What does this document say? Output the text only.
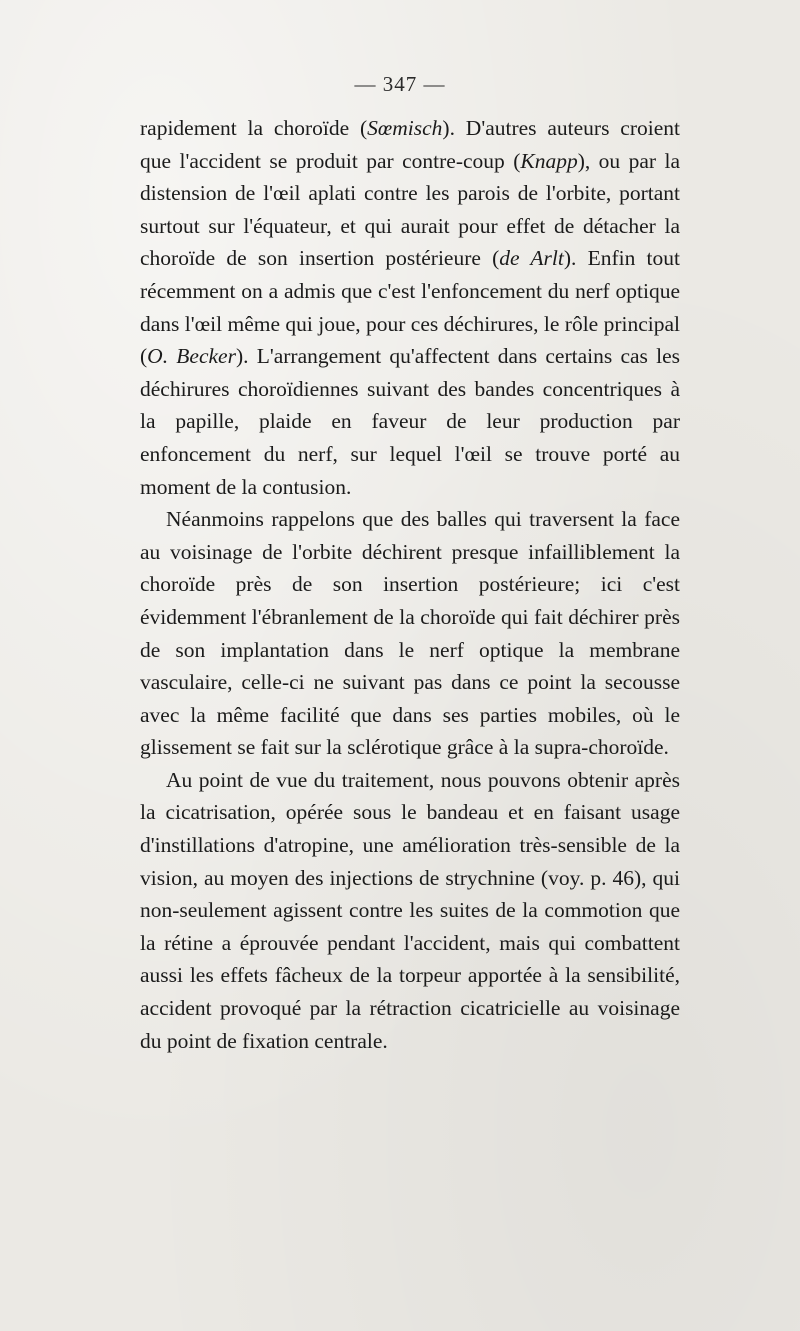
— 347 —

rapidement la choroïde (Sœmisch). D'autres auteurs croient que l'accident se produit par contre-coup (Knapp), ou par la distension de l'œil aplati contre les parois de l'orbite, portant surtout sur l'équateur, et qui aurait pour effet de détacher la choroïde de son insertion postérieure (de Arlt). Enfin tout récemment on a admis que c'est l'enfoncement du nerf optique dans l'œil même qui joue, pour ces déchirures, le rôle principal (O. Becker). L'arrangement qu'affectent dans certains cas les déchirures choroïdiennes suivant des bandes concentriques à la papille, plaide en faveur de leur production par enfoncement du nerf, sur lequel l'œil se trouve porté au moment de la contusion.

Néanmoins rappelons que des balles qui traversent la face au voisinage de l'orbite déchirent presque infailliblement la choroïde près de son insertion postérieure; ici c'est évidemment l'ébranlement de la choroïde qui fait déchirer près de son implantation dans le nerf optique la membrane vasculaire, celle-ci ne suivant pas dans ce point la secousse avec la même facilité que dans ses parties mobiles, où le glissement se fait sur la sclérotique grâce à la supra-choroïde.

Au point de vue du traitement, nous pouvons obtenir après la cicatrisation, opérée sous le bandeau et en faisant usage d'instillations d'atropine, une amélioration très-sensible de la vision, au moyen des injections de strychnine (voy. p. 46), qui non-seulement agissent contre les suites de la commotion que la rétine a éprouvée pendant l'accident, mais qui combattent aussi les effets fâcheux de la torpeur apportée à la sensibilité, accident provoqué par la rétraction cicatricielle au voisinage du point de fixation centrale.
